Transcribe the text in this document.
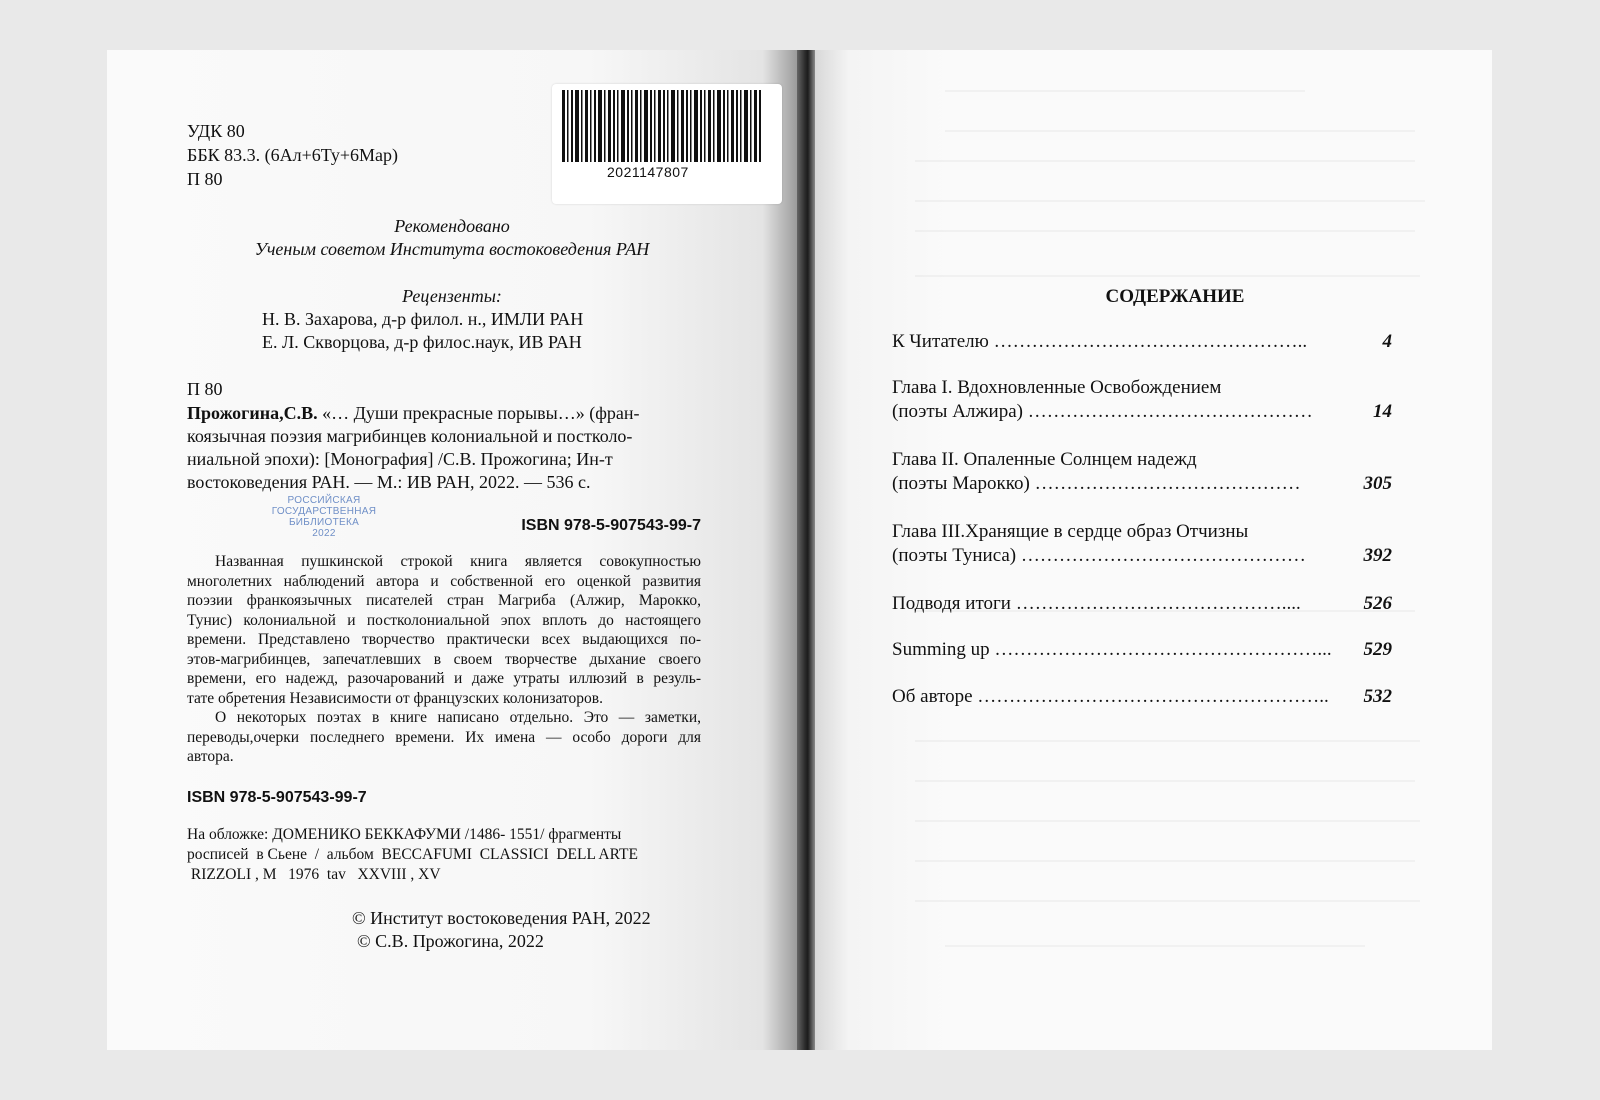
УДК 80
ББК 83.3. (6Ал+6Ту+6Мар)
П 80	2021147807
Рекомендовано
Ученым советом Института востоковедения РАН
Рецензенты:
Н. В. Захарова, д-р филол. н., ИМЛИ РАН
Е. Л. Скворцова, д-р филос.наук, ИВ РАН
П 80
Прожогина,С.В. «… Души прекрасные порывы…» (фран-
коязычная поэзия магрибинцев колониальной и постколо-
ниальной эпохи): [Монография] /С.В. Прожогина; Ин-т
востоковедения РАН. — М.: ИВ РАН, 2022. — 536 с.
РОССИЙСКАЯ
ГОСУДАРСТВЕННАЯ
БИБЛИОТЕКА
2022	ISBN 978-5-907543-99-7
Названная пушкинской строкой книга является совокупностью
многолетних наблюдений автора и собственной его оценкой развития
поэзии франкоязычных писателей стран Магриба (Алжир, Марокко,
Тунис) колониальной и постколониальной эпох вплоть до настоящего
времени. Представлено творчество практически всех выдающихся по-
этов-магрибинцев, запечатлевших в своем творчестве дыхание своего
времени, его надежд, разочарований и даже утраты иллюзий в резуль-
тате обретения Независимости от французских колонизаторов.
О некоторых поэтах в книге написано отдельно. Это — заметки,
переводы,очерки последнего времени. Их имена — особо дороги для
автора.
ISBN 978-5-907543-99-7
На обложке: ДОМЕНИКО БЕККАФУМИ /1486- 1551/ фрагменты
росписей  в Сьене  /  альбом  BECCAFUMI  CLASSICI  DELL ARTE
RIZZOLI , M   1976  tav   XXVIII , XV
© Институт востоковедения РАН, 2022
© С.В. Прожогина, 2022
СОДЕРЖАНИЕ
К Читателю …………………………………………..	4
Глава I. Вдохновленные Освобождением
(поэты Алжира) ………………………………………	14
Глава II. Опаленные Солнцем надежд
(поэты Марокко) ……………………………………	305
Глава III.Хранящие в сердце образ Отчизны
(поэты Туниса) ………………………………………	392
Подводя итоги ……………………………………....	526
Summing up ……………………………………………... 529
Об авторе ……………………………………………….. 532
